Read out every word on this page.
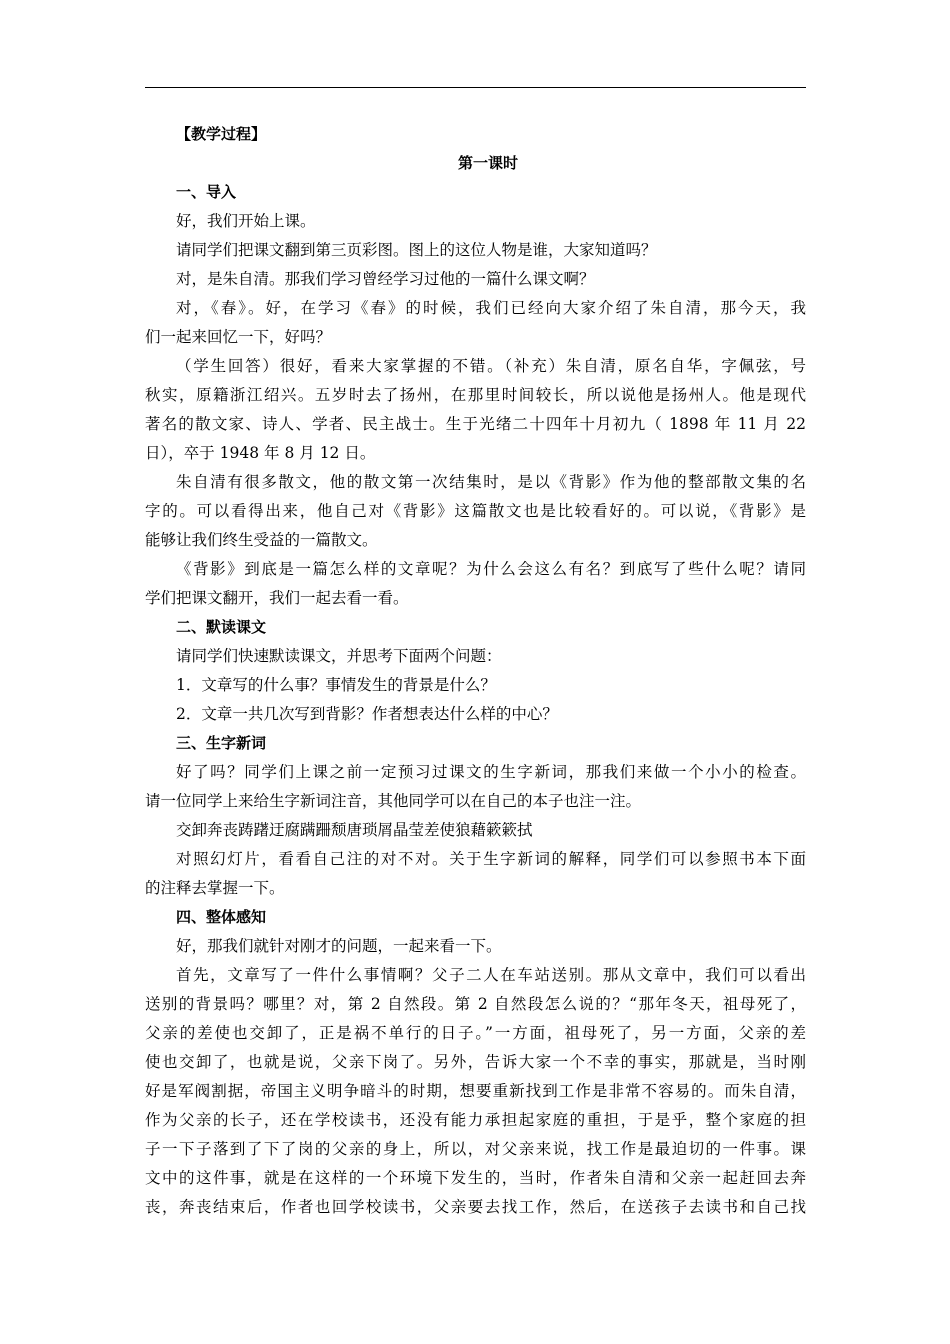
【教学过程】

第一课时

一、导入

好，我们开始上课。

请同学们把课文翻到第三页彩图。图上的这位人物是谁，大家知道吗？

对，是朱自清。那我们学习曾经学习过他的一篇什么课文啊？

对，《春》。好，在学习《春》的时候，我们已经向大家介绍了朱自清，那今天，我

们一起来回忆一下，好吗？

（学生回答）很好，看来大家掌握的不错。（补充）朱自清，原名自华，字佩弦，号

秋实，原籍浙江绍兴。五岁时去了扬州，在那里时间较长，所以说他是扬州人。他是现代

著名的散文家、诗人、学者、民主战士。生于光绪二十四年十月初九（ 1898 年 11 月 22

日），卒于 1948 年 8 月 12 日。

朱自清有很多散文，他的散文第一次结集时，是以《背影》作为他的整部散文集的名

字的。可以看得出来，他自己对《背影》这篇散文也是比较看好的。可以说，《背影》是

能够让我们终生受益的一篇散文。

《背影》到底是一篇怎么样的文章呢？为什么会这么有名？到底写了些什么呢？请同

学们把课文翻开，我们一起去看一看。

二、默读课文

请同学们快速默读课文，并思考下面两个问题：

1．文章写的什么事？事情发生的背景是什么？

2．文章一共几次写到背影？作者想表达什么样的中心？

三、生字新词

好了吗？同学们上课之前一定预习过课文的生字新词，那我们来做一个小小的检查。

请一位同学上来给生字新词注音，其他同学可以在自己的本子也注一注。

交卸奔丧踌躇迂腐蹒跚颓唐琐屑晶莹差使狼藉簌簌拭

对照幻灯片，看看自己注的对不对。关于生字新词的解释，同学们可以参照书本下面

的注释去掌握一下。

四、整体感知

好，那我们就针对刚才的问题，一起来看一下。

首先，文章写了一件什么事情啊？父子二人在车站送别。那从文章中，我们可以看出

送别的背景吗？哪里？对，第 2 自然段。第 2 自然段怎么说的？“那年冬天，祖母死了，

父亲的差使也交卸了，正是祸不单行的日子。”一方面，祖母死了，另一方面，父亲的差

使也交卸了，也就是说，父亲下岗了。另外，告诉大家一个不幸的事实，那就是，当时刚

好是军阀割据，帝国主义明争暗斗的时期，想要重新找到工作是非常不容易的。而朱自清，

作为父亲的长子，还在学校读书，还没有能力承担起家庭的重担，于是乎，整个家庭的担

子一下子落到了下了岗的父亲的身上，所以，对父亲来说，找工作是最迫切的一件事。课

文中的这件事，就是在这样的一个环境下发生的，当时，作者朱自清和父亲一起赶回去奔

丧，奔丧结束后，作者也回学校读书，父亲要去找工作，然后，在送孩子去读书和自己找
